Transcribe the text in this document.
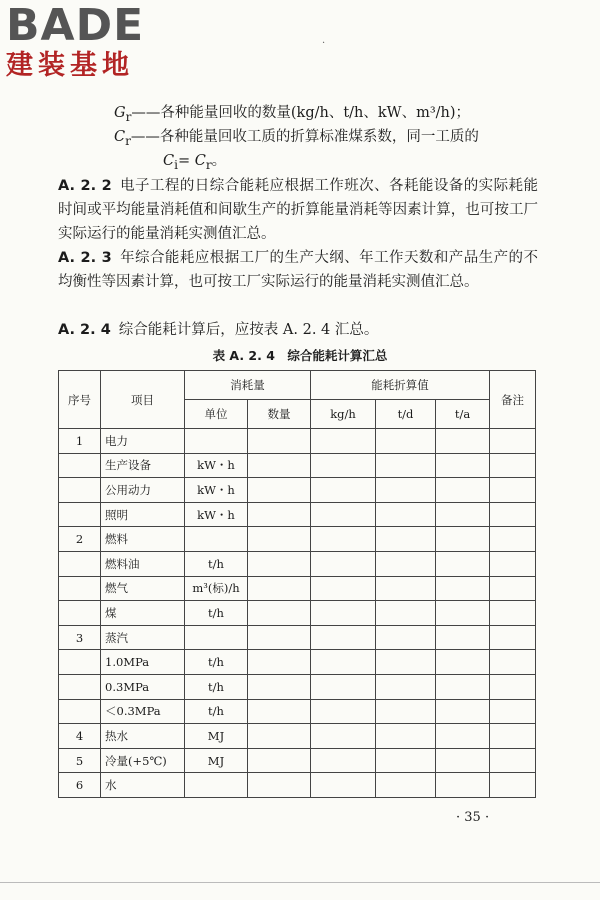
BADE
建装基地
·
$G_r——$各种能量回收的数量(kg/h、t/h、kW、m³/h)；
$C_r——$各种能量回收工质的折算标准煤系数，同一工质的
$C_i= C_r$。
A. 2. 2 电子工程的日综合能耗应根据工作班次、各耗能设备的实际耗能时间或平均能量消耗值和间歇生产的折算能量消耗等因素计算，也可按工厂实际运行的能量消耗实测值汇总。
A. 2. 3 年综合能耗应根据工厂的生产大纲、年工作天数和产品生产的不均衡性等因素计算，也可按工厂实际运行的能量消耗实测值汇总。
A. 2. 4 综合能耗计算后，应按表 A. 2. 4 汇总。
表 A. 2. 4　综合能耗计算汇总
序号	项目	消耗量		能耗折算值			备注
		单位	数量	kg/h	t/d	t/a	
1	电力						
	生产设备	kW・h					
	公用动力	kW・h					
	照明	kW・h					
2	燃料						
	燃料油	t/h					
	燃气	m³(标)/h					
	煤	t/h					
3	蒸汽						
	1.0MPa	t/h					
	0.3MPa	t/h					
	＜0.3MPa	t/h					
4	热水	MJ					
5	冷量(+5℃)	MJ					
6	水						
· 35 ·
